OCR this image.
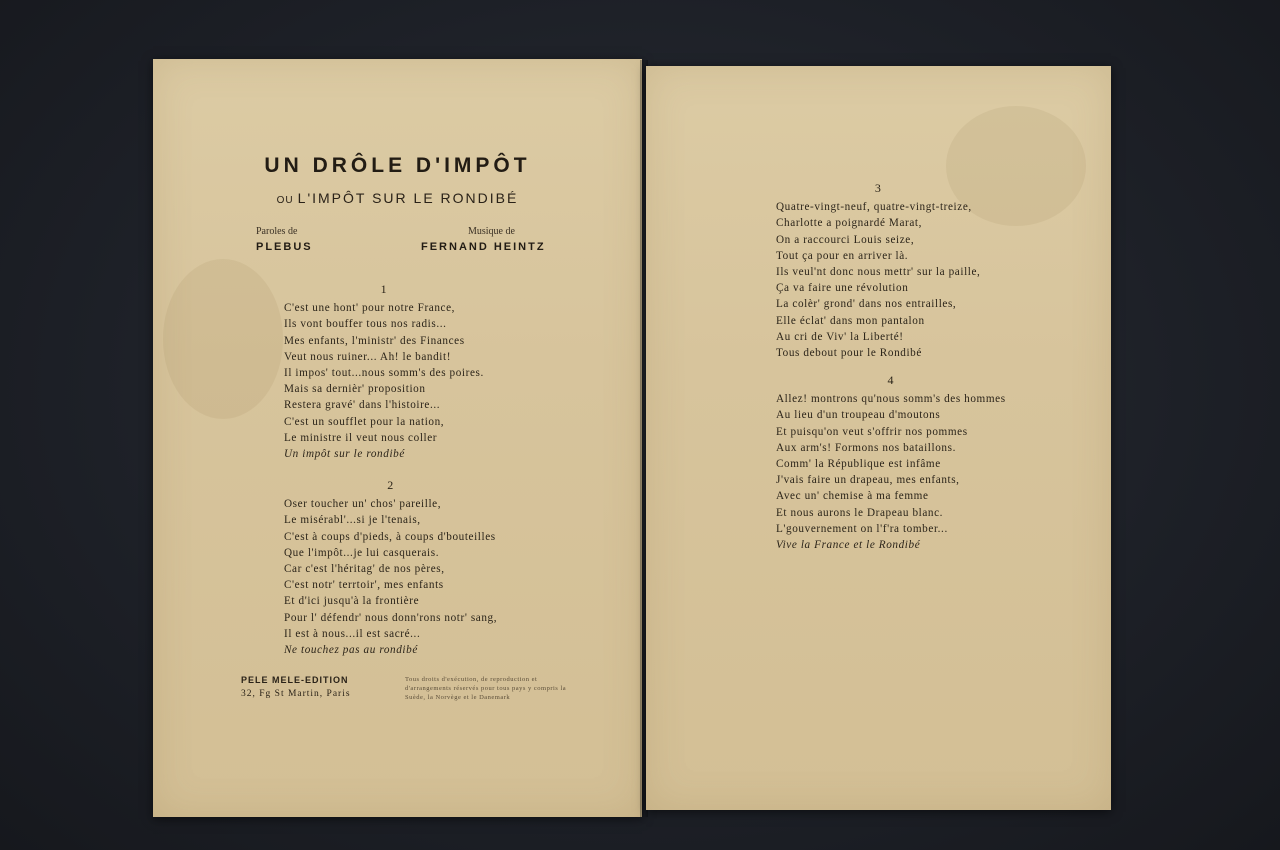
UN DRÔLE D'IMPÔT
OU L'IMPÔT SUR LE RONDIBÉ
Paroles de
PLEBUS
Musique de
FERNAND HEINTZ
1
C'est une hont' pour notre France,
Ils vont bouffer tous nos radis...
Mes enfants, l'ministr' des Finances
Veut nous ruiner... Ah! le bandit!
Il impos' tout...nous somm's des poires.
Mais sa dernièr' proposition
Restera gravé' dans l'histoire...
C'est un soufflet pour la nation,
Le ministre il veut nous coller
Un impôt sur le rondibé
2
Oser toucher un' chos' pareille,
Le misérabl'...si je l'tenais,
C'est à coups d'pieds, à coups d'bouteilles
Que l'impôt...je lui casquerais.
Car c'est l'héritag' de nos pères,
C'est notr' terrtoir', mes enfants
Et d'ici jusqu'à la frontière
Pour l' défendr' nous donn'rons notr' sang,
Il est à nous...il est sacré...
Ne touchez pas au rondibé
PELE MELE-EDITION
32, Fg St Martin, Paris
Tous droits d'exécution, de reproduction et d'arrangements réservés pour tous pays y compris la Suède, la Norvège et le Danemark
3
Quatre-vingt-neuf, quatre-vingt-treize,
Charlotte a poignardé Marat,
On a raccourci Louis seize,
Tout ça pour en arriver là.
Ils veul'nt donc nous mettr' sur la paille,
Ça va faire une révolution
La colèr' grond' dans nos entrailles,
Elle éclat' dans mon pantalon
Au cri de Viv' la Liberté!
Tous debout pour le Rondibé
4
Allez! montrons qu'nous somm's des hommes
Au lieu d'un troupeau d'moutons
Et puisqu'on veut s'offrir nos pommes
Aux arm's! Formons nos bataillons.
Comm' la République est infâme
J'vais faire un drapeau, mes enfants,
Avec un' chemise à ma femme
Et nous aurons le Drapeau blanc.
L'gouvernement on l'f'ra tomber...
Vive la France et le Rondibé
